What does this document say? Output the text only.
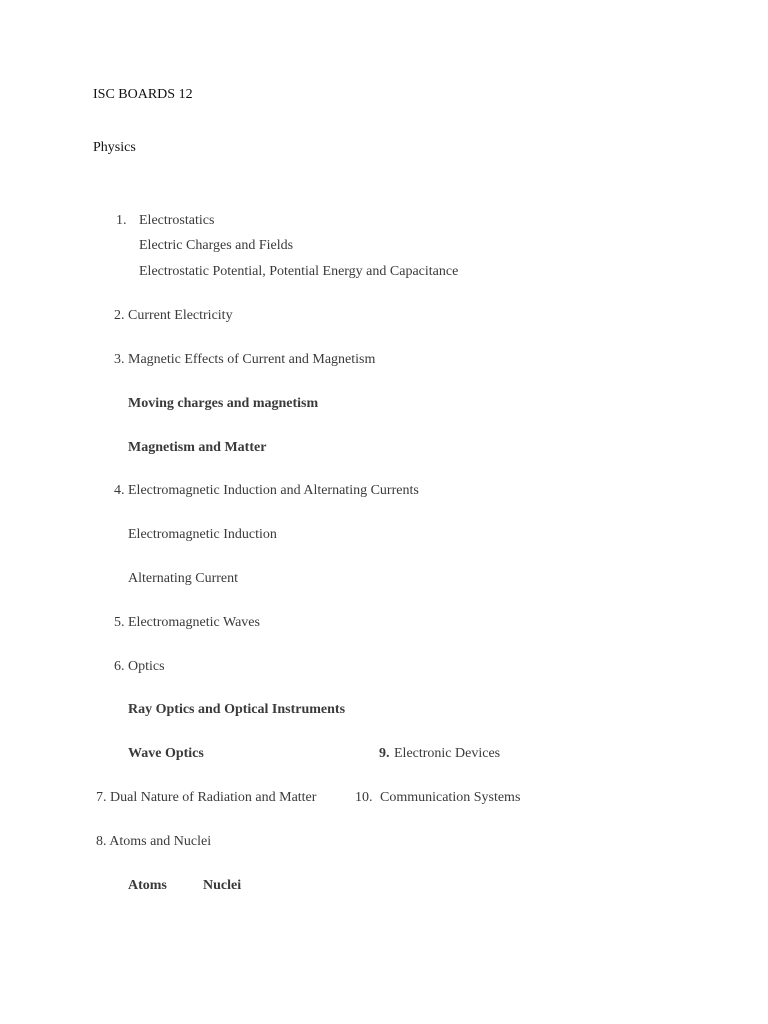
ISC BOARDS 12
Physics
1. Electrostatics
Electric Charges and Fields
Electrostatic Potential, Potential Energy and Capacitance
2. Current Electricity
3. Magnetic Effects of Current and Magnetism
Moving charges and magnetism
Magnetism and Matter
4. Electromagnetic Induction and Alternating Currents
Electromagnetic Induction
Alternating Current
5. Electromagnetic Waves
6. Optics
Ray Optics and Optical Instruments
Wave Optics	9. Electronic Devices
7. Dual Nature of Radiation and Matter	10. Communication Systems
8. Atoms and Nuclei
Atoms	Nuclei
